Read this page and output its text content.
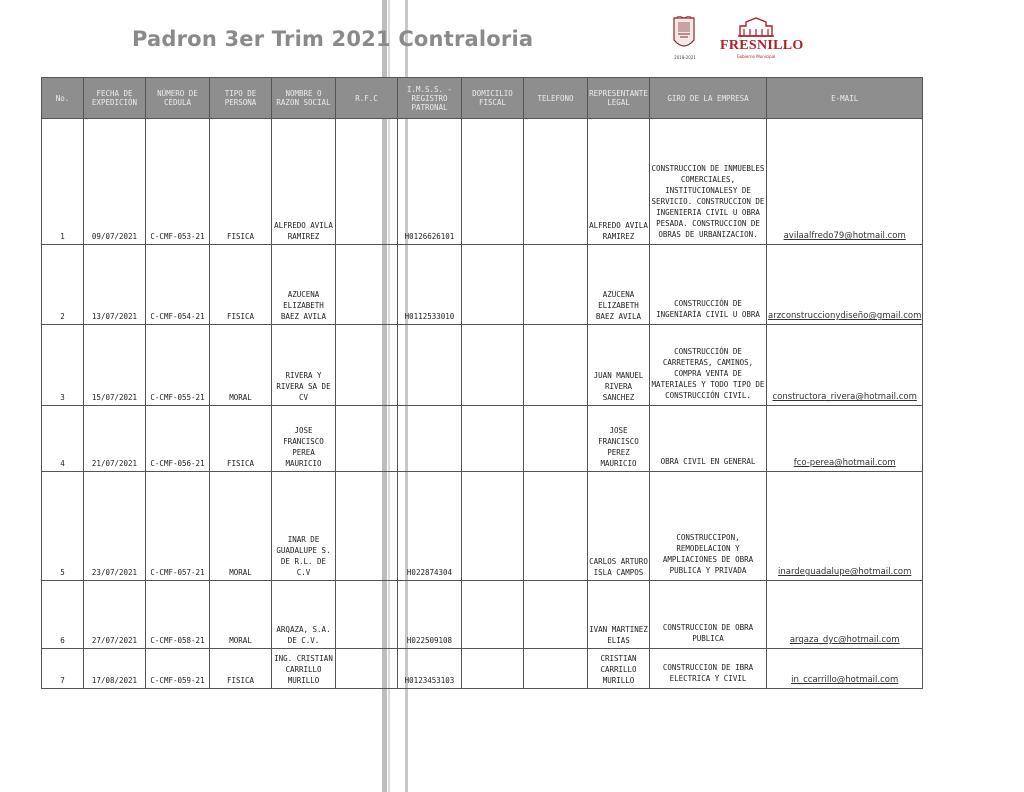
Padron 3er Trim 2021 Contraloria
2018-2021
FRESNILLO
Gobierno Municipal
No.	FECHA DE EXPEDICIÓN	NÚMERO DE CÉDULA	TIPO DE PERSONA	NOMBRE O RAZON SOCIAL	R.F.C	I.M.S.S. - REGISTRO PATRONAL	DOMICILIO FISCAL	TELEFONO	REPRESENTANTE LEGAL	GIRO DE LA EMPRESA	E-MAIL
1	09/07/2021	C-CMF-053-21	FISICA	ALFREDO AVILA RAMIREZ		H0126626101			ALFREDO AVILA RAMIREZ	CONSTRUCCION DE INMUEBLES COMERCIALES, INSTITUCIONALESY DE SERVICIO. CONSTRUCCION DE INGENIERIA CIVIL U OBRA PESADA. CONSTRUCCION DE OBRAS DE URBANIZACION.	avilaalfredo79@hotmail.com
2	13/07/2021	C-CMF-054-21	FISICA	AZUCENA ELIZABETH BAEZ AVILA		H0112533010			AZUCENA ELIZABETH BAEZ AVILA	CONSTRUCCIÓN DE INGENIARÍA CIVIL U OBRA	arzconstruccionydiseño@gmail.com
3	15/07/2021	C-CMF-055-21	MORAL	RIVERA Y RIVERA SA DE CV					JUAN MANUEL RIVERA SANCHEZ	CONSTRUCCIÓN DE CARRETERAS, CAMINOS, COMPRA VENTA DE MATERIALES Y TODO TIPO DE CONSTRUCCIÓN CIVIL.	constructora_rivera@hotmail.com
4	21/07/2021	C-CMF-056-21	FISICA	JOSE FRANCISCO PEREA MAURICIO					JOSE FRANCISCO PEREZ MAURICIO	OBRA CIVIL EN GENERAL	fco-perea@hotmail.com
5	23/07/2021	C-CMF-057-21	MORAL	INAR DE GUADALUPE S. DE R.L. DE C.V		H022874304			CARLOS ARTURO ISLA CAMPOS	CONSTRUCCIPON, REMODELACION Y AMPLIACIONES DE OBRA PUBLICA Y PRIVADA	inardeguadalupe@hotmail.com
6	27/07/2021	C-CMF-058-21	MORAL	ARQAZA, S.A. DE C.V.		H022509108			IVAN MARTINEZ ELIAS	CONSTRUCCION DE OBRA PUBLICA	arqaza_dyc@hotmail.com
7	17/08/2021	C-CMF-059-21	FISICA	ING. CRISTIAN CARRILLO MURILLO		H0123453103			CRISTIAN CARRILLO MURILLO	CONSTRUCCION DE IBRA ELECTRICA Y CIVIL	in_ccarrillo@hotmail.com
